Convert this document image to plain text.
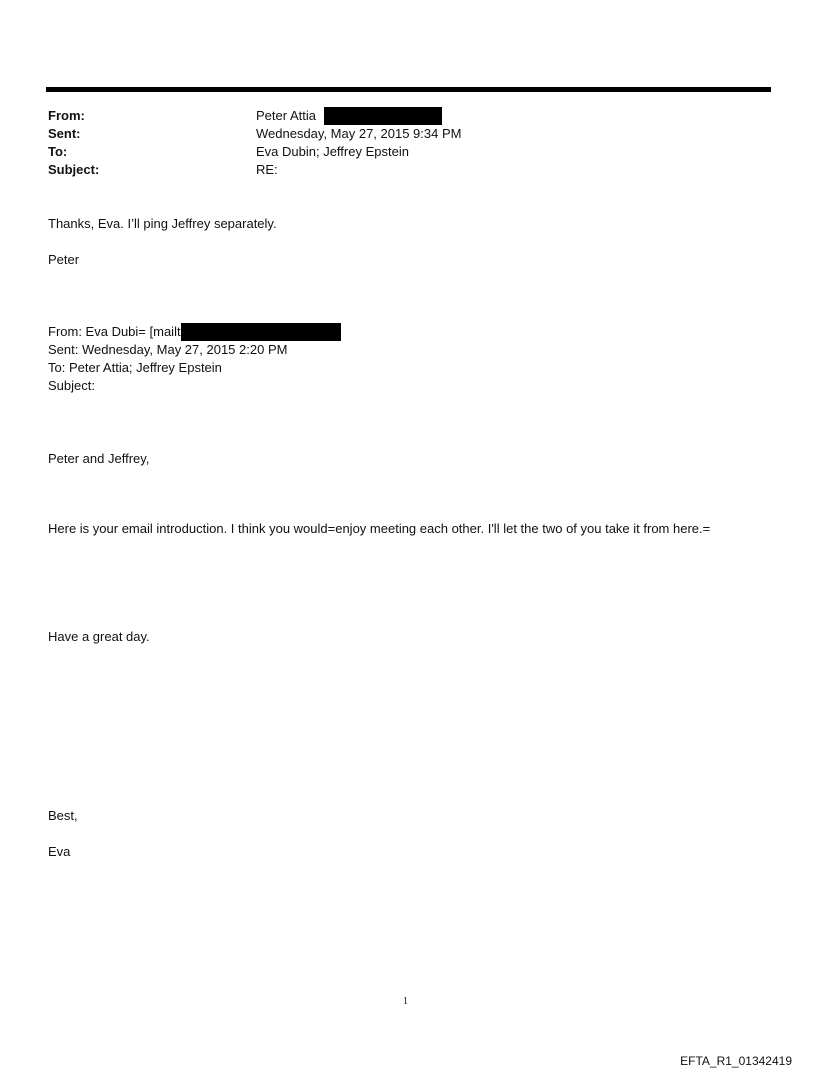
From:
Sent:
To:
Subject:
Peter Attia
Wednesday, May 27, 2015 9:34 PM
Eva Dubin; Jeffrey Epstein
RE:
Thanks, Eva. I’ll ping Jeffrey separately.
Peter
From: Eva Dubi= [mailt
Sent: Wednesday, May 27, 2015 2:20 PM
To: Peter Attia; Jeffrey Epstein
Subject:
Peter and Jeffrey,
Here is your email introduction. I think you would=enjoy meeting each other. I'll let the two of you take it from here.=
Have a great day.
Best,
Eva
1
EFTA_R1_01342419
